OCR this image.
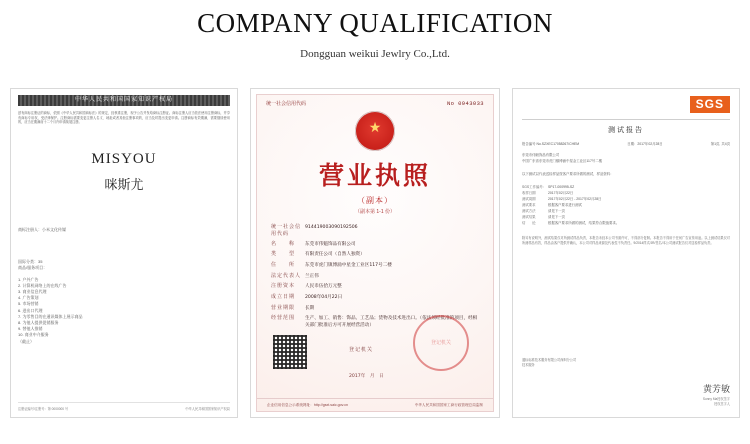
COMPANY QUALIFICATION
Dongguan weikui Jewlry Co.,Ltd.
中华人民共和国国家知识产权局
兹有商标注册证的商标，依照《中华人民共和国商标法》的规定，经核准注册，现予公告并发给商标注册证。商标注册人应当依法使用注册商标，并享有商标专用权，受法律保护。注册商标需要变更注册人名义、地址或者其他注册事项的，应当及时提出变更申请。注册商标有效期满，需要继续使用的，应当在期满前十二个月内申请续展注册。
MISYOU
咪斯尤
商标注册人：小米文化传媒
国际分类：35
商品/服务项目：
1. 户外广告
2. 计算机网络上的在线广告
3. 商业信息代理
4. 广告策划
5. 市场营销
6. 进出口代理
7. 为零售目的在通讯媒体上展示商品
8. 为他人提供促销服务
9. 替他人推销
10. 商业中介服务
（截止）
注册证编号/注册号：第 0000000 号	中华人民共和国国家知识产权局
统一社会信用代码	No 0943033
★
营业执照
（副本）
（副本第 1-1 份）
统一社会信用代码
914419003090192506
名　　称	东莞市伟魁饰品有限公司
类　　型	有限责任公司（自然人独资）
住　　所	东莞市虎门镇博涌中星金工业区117号二楼
法定代表人 兰正伟
注册资本	人民币伍拾万元整
成立日期	2008年04月22日
营业期限	长期
经营范围	生产、加工、销售：饰品、工艺品；货物及技术进出口。（依法须经批准的项目，经相关部门批准后方可开展经营活动）
登记机关
2017年　月　日
登记机关
企业信用信息公示系统网址：http://gsxt.saic.gov.cn	中华人民共和国国家工商行政管理总局监制
SGS
测试报告
报告编号 No.SZXEC17058267/CHEM	日期：2017年02月28日	第1页, 共4页
东莞市伟魁饰品有限公司
中国广东省东莞市虎门镇博涌中星金工业区117号二楼
以下测试以代表送检样品按客户要求所做的测试，样品资料：
SGS工作编号： SP17-000995-SZ
收样日期	2017年02月22日
测试周期	2017年02月22日 - 2017年02月28日
测试要求	根据客户要求进行测试
测试方法	请见下一页
测试结果	请见下一页
结　　论	根据客户要求所做的测试，结果符合限值要求。
除另有说明外，测试结果仅对所测试样品负责，本报告未经本公司书面许可，不得部分复制。本报告不得用于任何广告宣传用途。以上测试结果仅对所测样品有效，样品由客户提供并确认，本公司对样品来源及代表性不负责任。9/2014样式/JR/签名/本公司测试报告仅对送检样品负责。
通标标准技术服务有限公司深圳分公司
技术服务
黄芳敏
Sunny Ma授权签字
授权签字人
